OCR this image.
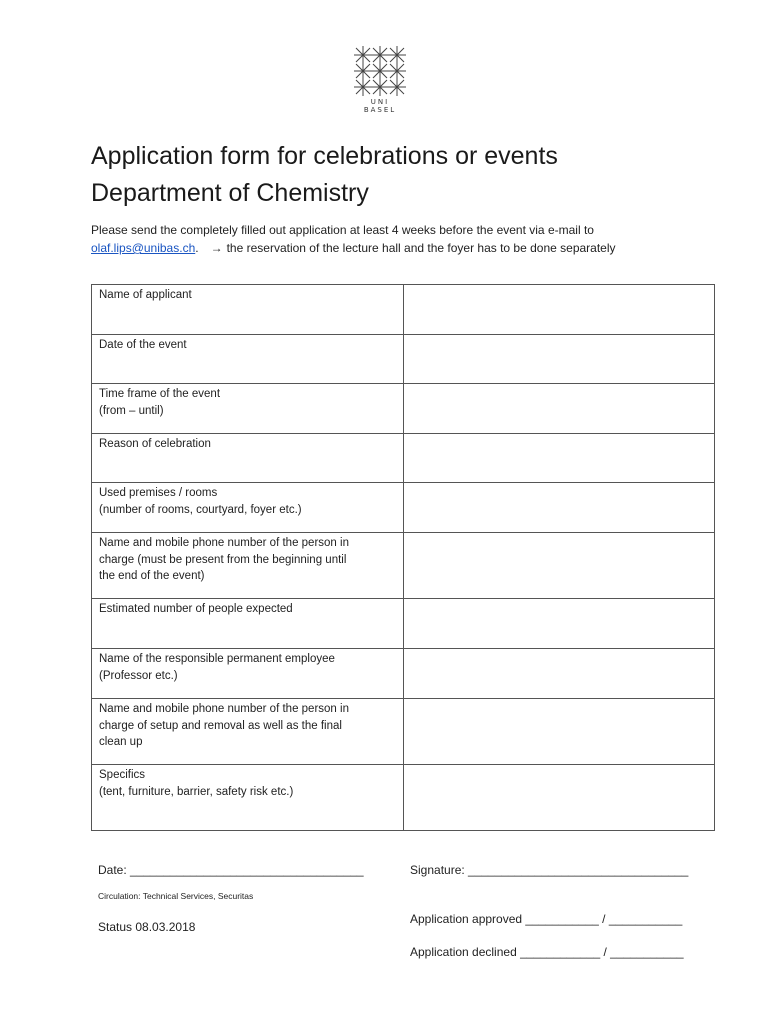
UNI
BASEL
Application form for celebrations or events
Department of Chemistry
Please send the completely filled out application at least 4 weeks before the event via e-mail to
olaf.lips@unibas.ch. → the reservation of the lecture hall and the foyer has to be done separately
Name of applicant	

Date of the event	

Time frame of the event
(from – until)	

Reason of celebration	

Used premises / rooms
(number of rooms, courtyard, foyer etc.)	

Name and mobile phone number of the person in
charge (must be present from the beginning until
the end of the event)	

Estimated number of people expected	

Name of the responsible permanent employee
(Professor etc.)	

Name and mobile phone number of the person in
charge of setup and removal as well as the final
clean up	

Specifics
(tent, furniture, barrier, safety risk etc.)	

Date: ___________________________________	Signature: _________________________________
Circulation: Technical Services, Securitas
Application approved ___________ / ___________
Status 08.03.2018
Application declined ____________ / ___________
